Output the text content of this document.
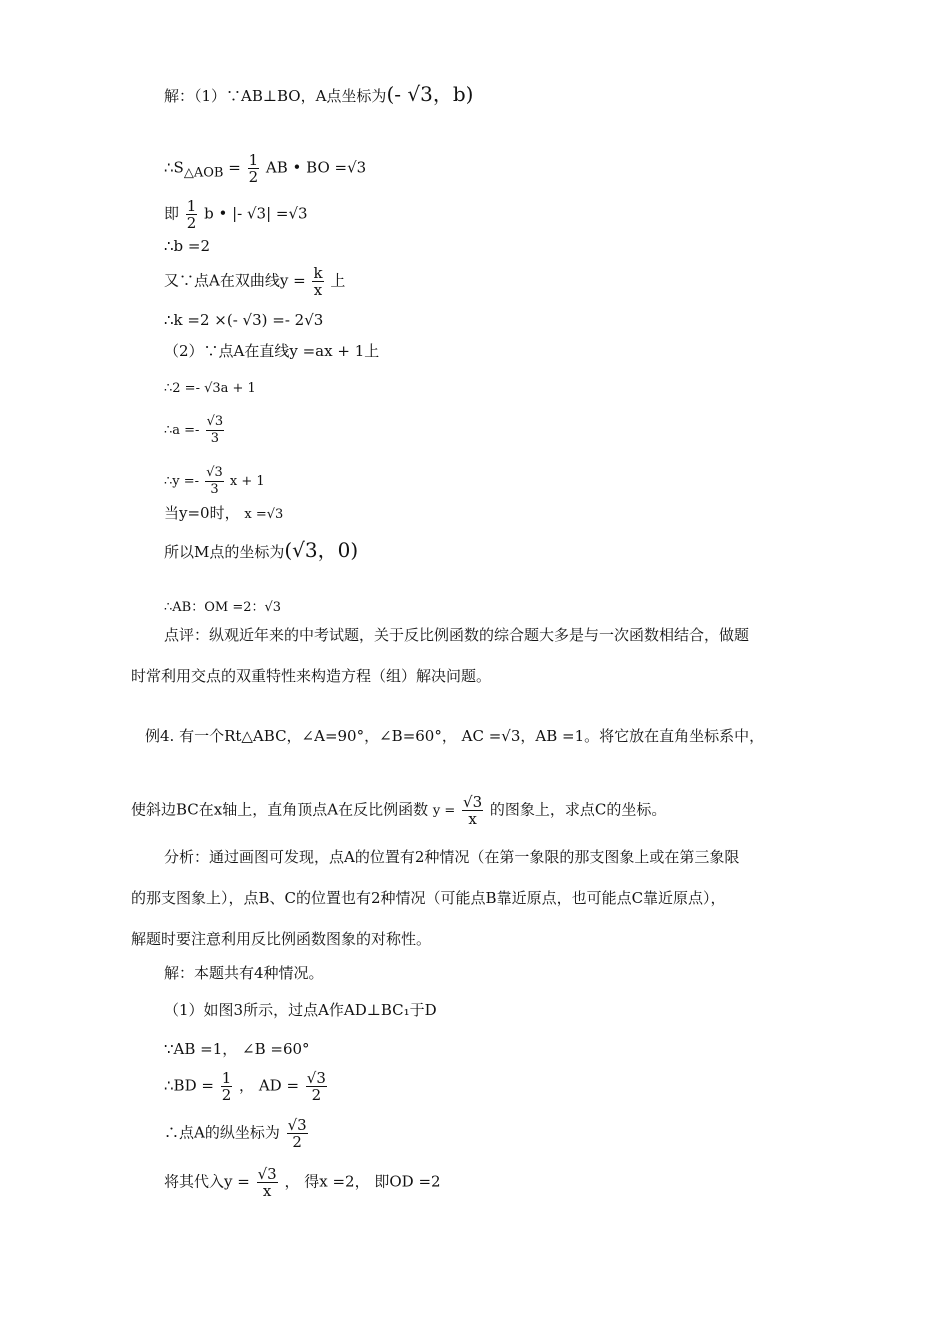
解：（1）∵AB⊥BO，A点坐标为(- √3，b)
$\therefore S_{\triangle AOB} = \frac{1}{2}$ AB • BO =√3
即 $\frac{1}{2}$ b • |- √3| =√3
∴b =2
又∵点A在双曲线$y = \frac{k}{x}$ 上
∴k =2 ×(- √3) =- 2√3
（2）∵点A在直线y =ax + 1上
∴2 =- √3a + 1
∴a =- $\frac{√3}{3}$
∴y =- $\frac{√3}{3}$ x + 1
当y=0时， x =√3
所以M点的坐标为(√3，0)
∴AB：OM =2：√3
点评：纵观近年来的中考试题，关于反比例函数的综合题大多是与一次函数相结合，做题
时常利用交点的双重特性来构造方程（组）解决问题。
例4. 有一个Rt△ABC，∠A=90°，∠B=60°， AC =√3，AB =1。将它放在直角坐标系中，
使斜边BC在x轴上，直角顶点A在反比例函数 $y = \frac{√3}{x}$ 的图象上，求点C的坐标。
分析：通过画图可发现，点A的位置有2种情况（在第一象限的那支图象上或在第三象限
的那支图象上），点B、C的位置也有2种情况（可能点B靠近原点，也可能点C靠近原点），
解题时要注意利用反比例函数图象的对称性。
解：本题共有4种情况。
（1）如图3所示，过点A作AD⊥BC₁于D
∵AB =1， ∠B =60°
∴BD = $\frac{1}{2}$ ， AD = $\frac{√3}{2}$
∴点A的纵坐标为 $\frac{√3}{2}$
将其代入$y = \frac{√3}{x}$ ， 得x =2， 即OD =2
